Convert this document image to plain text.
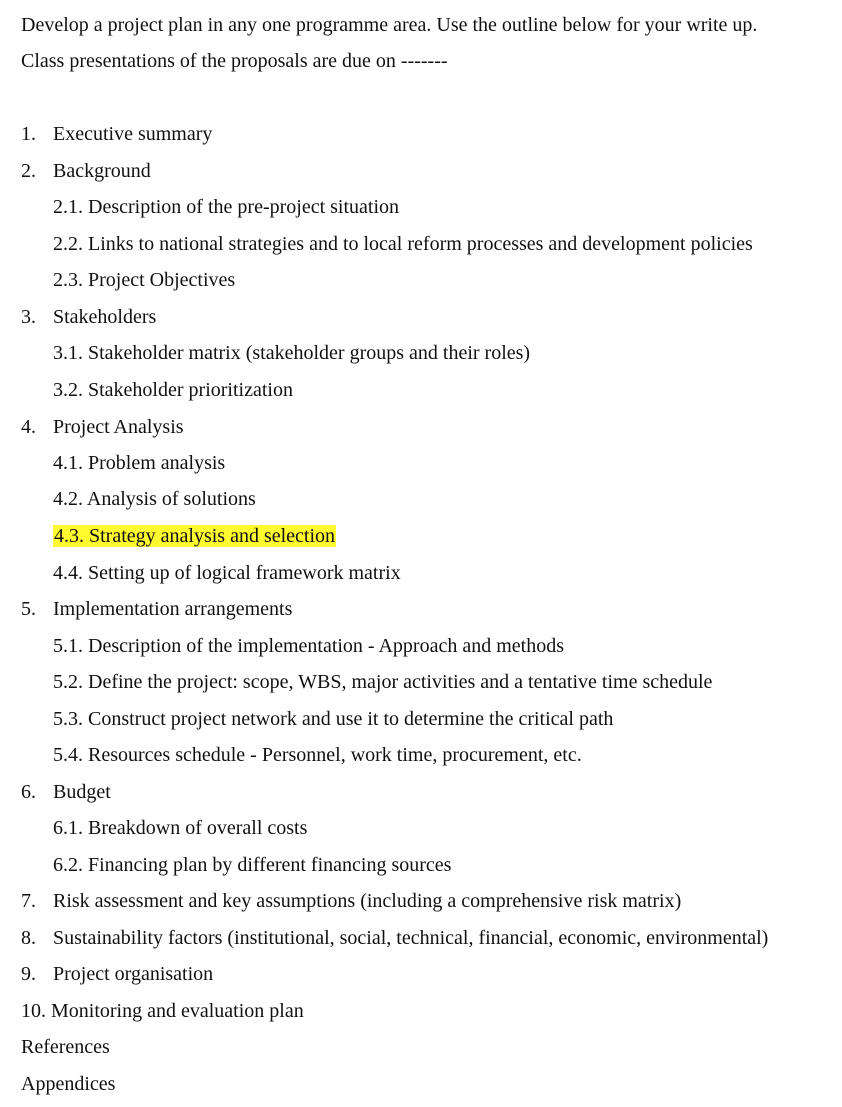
Develop a project plan in any one programme area. Use the outline below for your write up.
Class presentations of the proposals are due on -------
1. Executive summary
2. Background
2.1. Description of the pre-project situation
2.2. Links to national strategies and to local reform processes and development policies
2.3. Project Objectives
3. Stakeholders
3.1. Stakeholder matrix (stakeholder groups and their roles)
3.2. Stakeholder prioritization
4. Project Analysis
4.1. Problem analysis
4.2. Analysis of solutions
4.3. Strategy analysis and selection
4.4. Setting up of logical framework matrix
5. Implementation arrangements
5.1. Description of the implementation - Approach and methods
5.2. Define the project: scope, WBS, major activities and a tentative time schedule
5.3. Construct project network and use it to determine the critical path
5.4. Resources schedule - Personnel, work time, procurement, etc.
6. Budget
6.1. Breakdown of overall costs
6.2. Financing plan by different financing sources
7. Risk assessment and key assumptions (including a comprehensive risk matrix)
8. Sustainability factors (institutional, social, technical, financial, economic, environmental)
9. Project organisation
10. Monitoring and evaluation plan
References
Appendices
